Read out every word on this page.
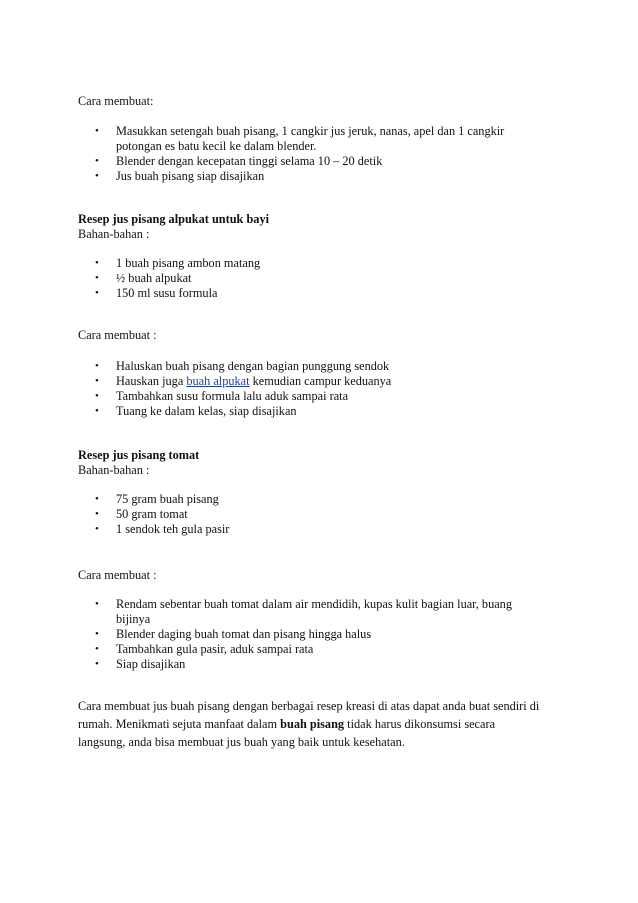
Cara membuat:
• Masukkan setengah buah pisang, 1 cangkir jus jeruk, nanas, apel dan 1 cangkir
potongan es batu kecil ke dalam blender.
• Blender dengan kecepatan tinggi selama 10 – 20 detik
• Jus buah pisang siap disajikan
Resep jus pisang alpukat untuk bayi
Bahan-bahan :
• 1 buah pisang ambon matang
• ½ buah alpukat
• 150 ml susu formula
Cara membuat :
• Haluskan buah pisang dengan bagian punggung sendok
• Hauskan juga buah alpukat kemudian campur keduanya
• Tambahkan susu formula lalu aduk sampai rata
• Tuang ke dalam kelas, siap disajikan
Resep jus pisang tomat
Bahan-bahan :
• 75 gram buah pisang
• 50 gram tomat
• 1 sendok teh gula pasir
Cara membuat :
• Rendam sebentar buah tomat dalam air mendidih, kupas kulit bagian luar, buang
bijinya
• Blender daging buah tomat dan pisang hingga halus
• Tambahkan gula pasir, aduk sampai rata
• Siap disajikan
Cara membuat jus buah pisang dengan berbagai resep kreasi di atas dapat anda buat sendiri di
rumah. Menikmati sejuta manfaat dalam buah pisang tidak harus dikonsumsi secara
langsung, anda bisa membuat jus buah yang baik untuk kesehatan.
